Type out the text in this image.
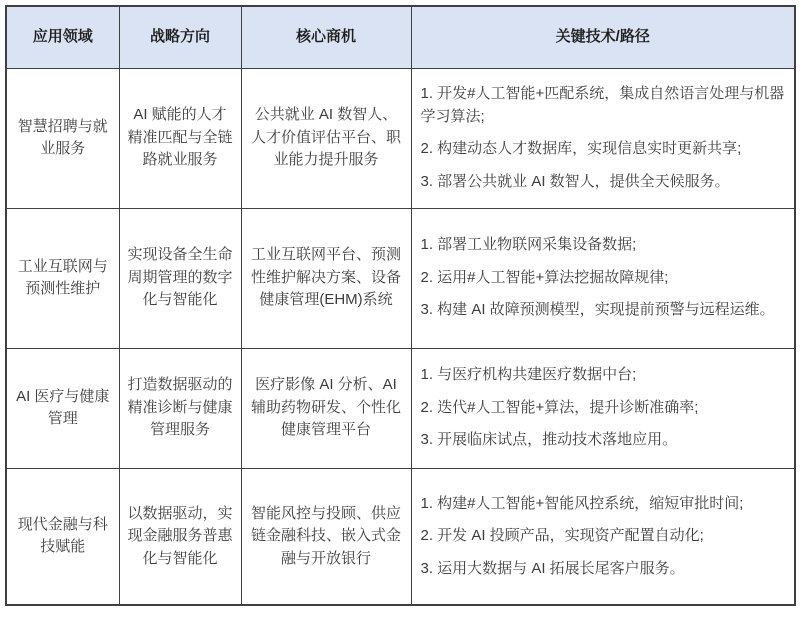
应用领域	战略方向	核心商机	关键技术/路径
智慧招聘与就业服务	AI 赋能的人才精准匹配与全链路就业服务	公共就业 AI 数智人、人才价值评估平台、职业能力提升服务	1. 开发#人工智能+匹配系统，集成自然语言处理与机器学习算法;

2. 构建动态人才数据库，实现信息实时更新共享;

3. 部署公共就业 AI 数智人，提供全天候服务。

工业互联网与预测性维护	实现设备全生命周期管理的数字化与智能化	工业互联网平台、预测性维护解决方案、设备健康管理(EHM)系统	1. 部署工业物联网采集设备数据;

2. 运用#人工智能+算法挖掘故障规律;

3. 构建 AI 故障预测模型，实现提前预警与远程运维。

AI 医疗与健康管理	打造数据驱动的精准诊断与健康管理服务	医疗影像 AI 分析、AI 辅助药物研发、个性化健康管理平台	1. 与医疗机构共建医疗数据中台;

2. 迭代#人工智能+算法，提升诊断准确率;

3. 开展临床试点，推动技术落地应用。

现代金融与科技赋能	以数据驱动，实现金融服务普惠化与智能化	智能风控与投顾、供应链金融科技、嵌入式金融与开放银行	1. 构建#人工智能+智能风控系统，缩短审批时间;

2. 开发 AI 投顾产品，实现资产配置自动化;

3. 运用大数据与 AI 拓展长尾客户服务。
